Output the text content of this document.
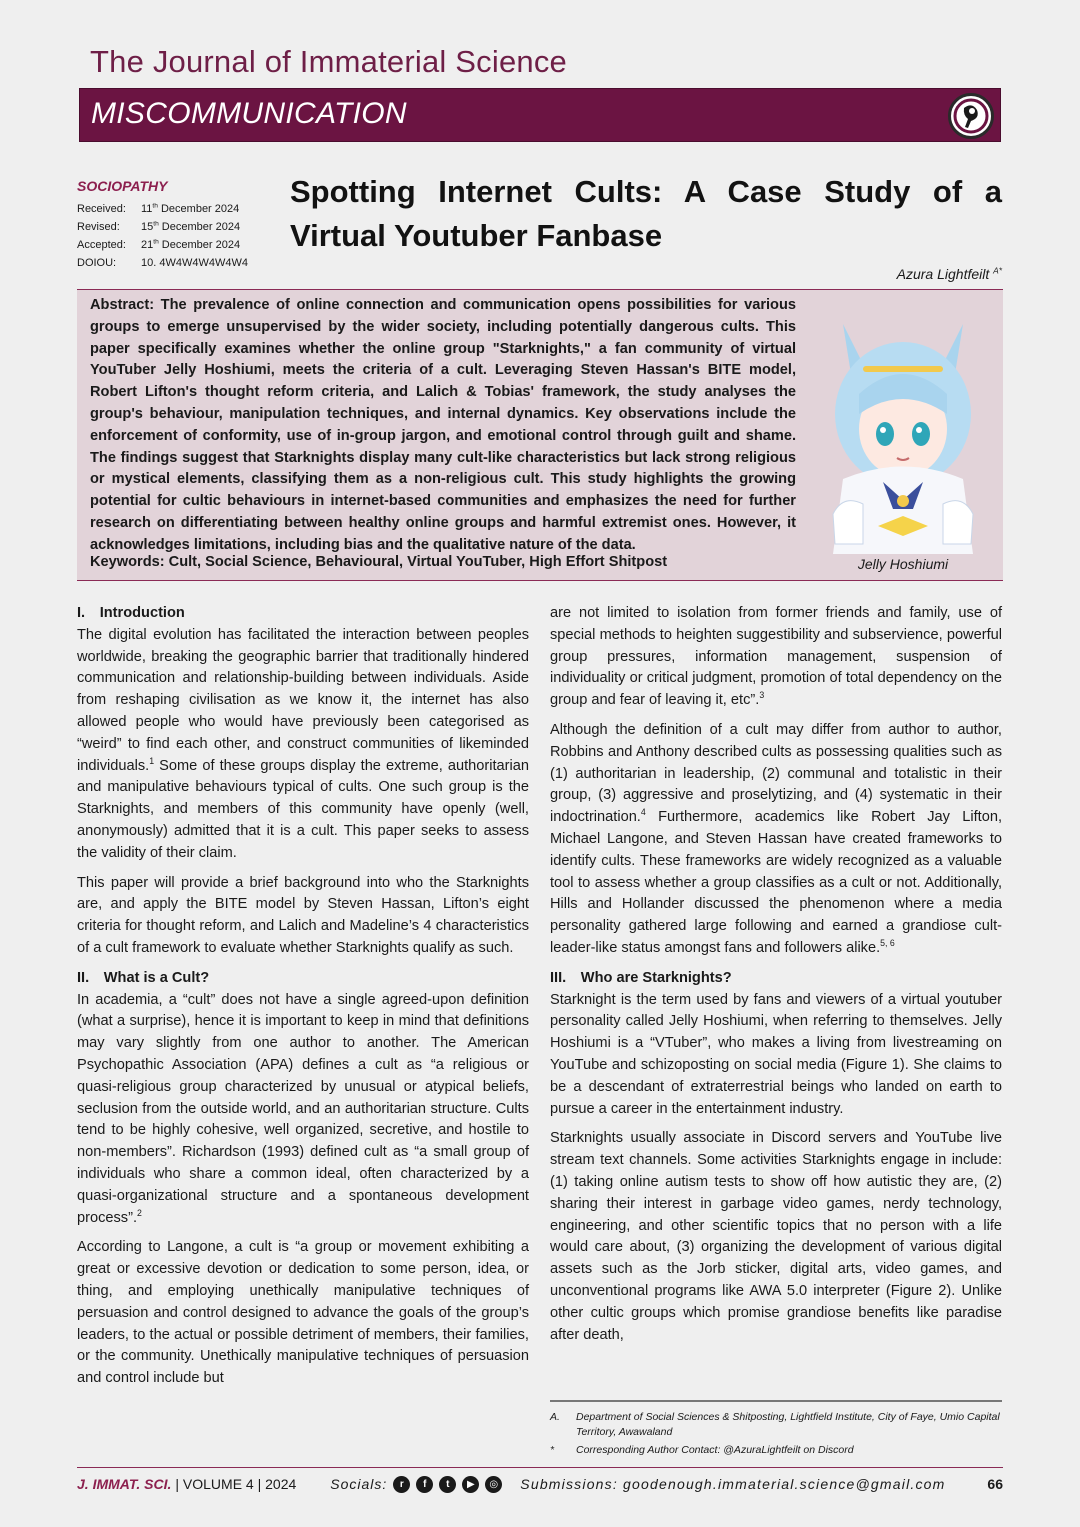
The Journal of Immaterial Science
MISCOMMUNICATION
SOCIOPATHY
Received:	11th December 2024
Revised:	15th December 2024
Accepted:	21th December 2024
DOIOU:	10. 4W4W4W4W4W4
Spotting Internet Cults: A Case Study of a Virtual Youtuber Fanbase
Azura Lightfeilt $^{A*}$
Abstract: The prevalence of online connection and communication opens possibilities for various groups to emerge unsupervised by the wider society, including potentially dangerous cults. This paper specifically examines whether the online group "Starknights," a fan community of virtual YouTuber Jelly Hoshiumi, meets the criteria of a cult. Leveraging Steven Hassan's BITE model, Robert Lifton's thought reform criteria, and Lalich & Tobias' framework, the study analyses the group's behaviour, manipulation techniques, and internal dynamics. Key observations include the enforcement of conformity, use of in-group jargon, and emotional control through guilt and shame. The findings suggest that Starknights display many cult-like characteristics but lack strong religious or mystical elements, classifying them as a non-religious cult. This study highlights the growing potential for cultic behaviours in internet-based communities and emphasizes the need for further research on differentiating between healthy online groups and harmful extremist ones. However, it acknowledges limitations, including bias and the qualitative nature of the data.
Keywords: Cult, Social Science, Behavioural, Virtual YouTuber, High Effort Shitpost	Jelly Hoshiumi
I. Introduction

The digital evolution has facilitated the interaction between peoples worldwide, breaking the geographic barrier that traditionally hindered communication and relationship-building between individuals. Aside from reshaping civilisation as we know it, the internet has also allowed people who would have previously been categorised as “weird” to find each other, and construct communities of likeminded individuals.$^1$ Some of these groups display the extreme, authoritarian and manipulative behaviours typical of cults. One such group is the Starknights, and members of this community have openly (well, anonymously) admitted that it is a cult. This paper seeks to assess the validity of their claim.

This paper will provide a brief background into who the Starknights are, and apply the BITE model by Steven Hassan, Lifton’s eight criteria for thought reform, and Lalich and Madeline’s 4 characteristics of a cult framework to evaluate whether Starknights qualify as such.

II. What is a Cult?

In academia, a “cult” does not have a single agreed-upon definition (what a surprise), hence it is important to keep in mind that definitions may vary slightly from one author to another. The American Psychopathic Association (APA) defines a cult as “a religious or quasi-religious group characterized by unusual or atypical beliefs, seclusion from the outside world, and an authoritarian structure. Cults tend to be highly cohesive, well organized, secretive, and hostile to non-members”. Richardson (1993) defined cult as “a small group of individuals who share a common ideal, often characterized by a quasi-organizational structure and a spontaneous development process”.$^2$

According to Langone, a cult is “a group or movement exhibiting a great or excessive devotion or dedication to some person, idea, or thing, and employing unethically manipulative techniques of persuasion and control designed to advance the goals of the group’s leaders, to the actual or possible detriment of members, their families, or the community. Unethically manipulative techniques of persuasion and control include but

are not limited to isolation from former friends and family, use of special methods to heighten suggestibility and subservience, powerful group pressures, information management, suspension of individuality or critical judgment, promotion of total dependency on the group and fear of leaving it, etc”.$^3$

Although the definition of a cult may differ from author to author, Robbins and Anthony described cults as possessing qualities such as (1) authoritarian in leadership, (2) communal and totalistic in their group, (3) aggressive and proselytizing, and (4) systematic in their indoctrination.$^4$ Furthermore, academics like Robert Jay Lifton, Michael Langone, and Steven Hassan have created frameworks to identify cults. These frameworks are widely recognized as a valuable tool to assess whether a group classifies as a cult or not. Additionally, Hills and Hollander discussed the phenomenon where a media personality gathered large following and earned a grandiose cult-leader-like status amongst fans and followers alike.$^{5, 6}$

III. Who are Starknights?

Starknight is the term used by fans and viewers of a virtual youtuber personality called Jelly Hoshiumi, when referring to themselves. Jelly Hoshiumi is a “VTuber”, who makes a living from livestreaming on YouTube and schizoposting on social media (Figure 1). She claims to be a descendant of extraterrestrial beings who landed on earth to pursue a career in the entertainment industry.

Starknights usually associate in Discord servers and YouTube live stream text channels. Some activities Starknights engage in include: (1) taking online autism tests to show off how autistic they are, (2) sharing their interest in garbage video games, nerdy technology, engineering, and other scientific topics that no person with a life would care about, (3) organizing the development of various digital assets such as the Jorb sticker, digital arts, video games, and unconventional programs like AWA 5.0 interpreter (Figure 2). Unlike other cultic groups which promise grandiose benefits like paradise after death,

A.	Department of Social Sciences & Shitposting, Lightfield Institute, City of Faye, Umio Capital Territory, Awawaland
*	Corresponding Author Contact: @AzuraLightfeilt on Discord
J. IMMAT. SCI. | VOLUME 4 | 2024 Socials:	r	f	t	▶	◎ Submissions: goodenough.immaterial.science@gmail.com	66
